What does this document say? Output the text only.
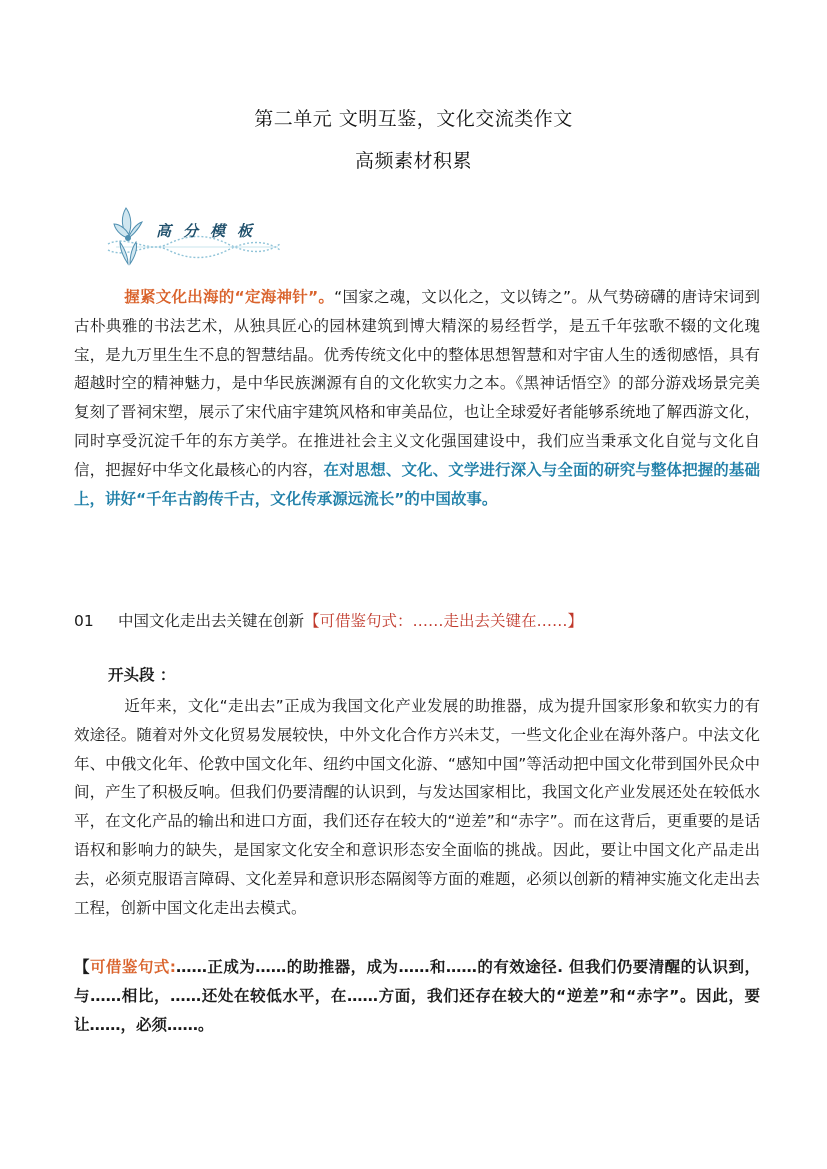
第二单元 文明互鉴，文化交流类作文
高频素材积累
高分模板

握紧文化出海的“定海神针”。“国家之魂，文以化之，文以铸之”。从气势磅礴的唐诗宋词到古朴典雅的书法艺术，从独具匠心的园林建筑到博大精深的易经哲学，是五千年弦歌不辍的文化瑰宝，是九万里生生不息的智慧结晶。优秀传统文化中的整体思想智慧和对宇宙人生的透彻感悟，具有超越时空的精神魅力，是中华民族渊源有自的文化软实力之本。《黑神话悟空》的部分游戏场景完美复刻了晋祠宋塑，展示了宋代庙宇建筑风格和审美品位，也让全球爱好者能够系统地了解西游文化，同时享受沉淀千年的东方美学。在推进社会主义文化强国建设中，我们应当秉承文化自觉与文化自信，把握好中华文化最核心的内容，在对思想、文化、文学进行深入与全面的研究与整体把握的基础上，讲好“千年古韵传千古，文化传承源远流长”的中国故事。

01 中国文化走出去关键在创新【可借鉴句式：……走出去关键在……】
开头段 ：

近年来，文化“走出去”正成为我国文化产业发展的助推器，成为提升国家形象和软实力的有效途径。随着对外文化贸易发展较快，中外文化合作方兴未艾，一些文化企业在海外落户。中法文化年、中俄文化年、伦敦中国文化年、纽约中国文化游、“感知中国”等活动把中国文化带到国外民众中间，产生了积极反响。但我们仍要清醒的认识到，与发达国家相比，我国文化产业发展还处在较低水平，在文化产品的输出和进口方面，我们还存在较大的“逆差”和“赤字”。而在这背后，更重要的是话语权和影响力的缺失，是国家文化安全和意识形态安全面临的挑战。因此，要让中国文化产品走出去，必须克服语言障碍、文化差异和意识形态隔阂等方面的难题，必须以创新的精神实施文化走出去工程，创新中国文化走出去模式。

【可借鉴句式:……正成为……的助推器，成为……和……的有效途径. 但我们仍要清醒的认识到，与……相比，……还处在较低水平，在……方面，我们还存在较大的“逆差”和“赤字”。因此，要让……，必须……。
